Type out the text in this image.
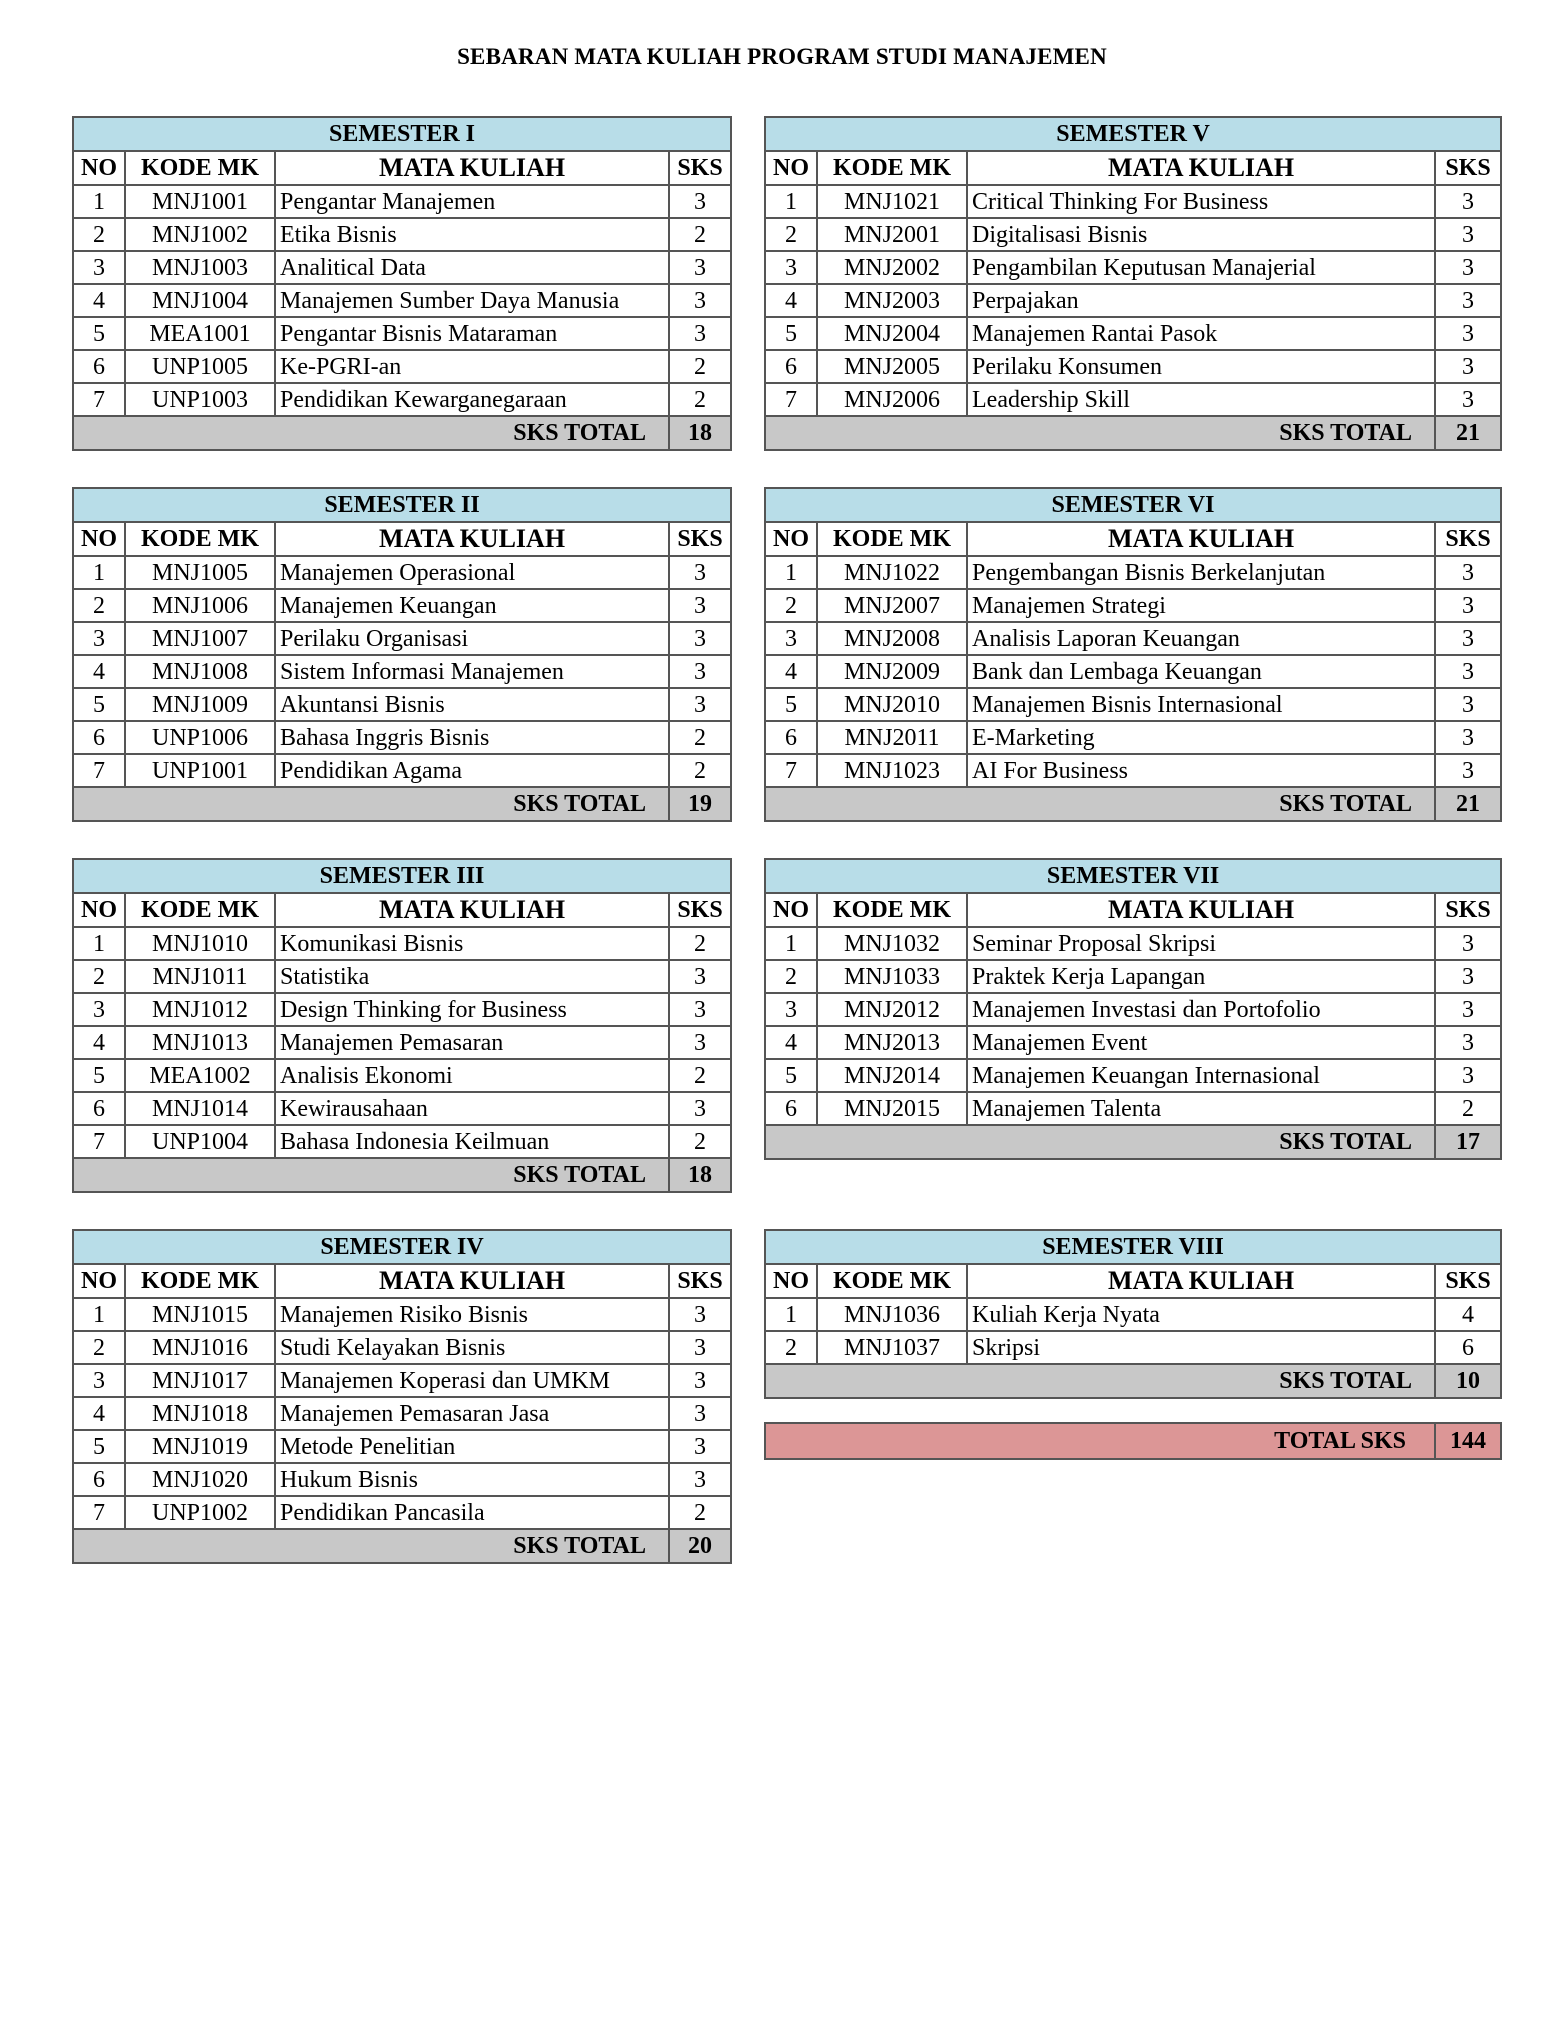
SEBARAN MATA KULIAH PROGRAM STUDI MANAJEMEN
SEMESTER I			
NO	KODE MK	MATA KULIAH	SKS
1	MNJ1001	Pengantar Manajemen	3
2	MNJ1002	Etika Bisnis	2
3	MNJ1003	Analitical Data	3
4	MNJ1004	Manajemen Sumber Daya Manusia	3
5	MEA1001	Pengantar Bisnis Mataraman	3
6	UNP1005	Ke-PGRI-an	2
7	UNP1003	Pendidikan Kewarganegaraan	2
SKS TOTAL			18
SEMESTER II			
NO	KODE MK	MATA KULIAH	SKS
1	MNJ1005	Manajemen Operasional	3
2	MNJ1006	Manajemen Keuangan	3
3	MNJ1007	Perilaku Organisasi	3
4	MNJ1008	Sistem Informasi Manajemen	3
5	MNJ1009	Akuntansi Bisnis	3
6	UNP1006	Bahasa Inggris Bisnis	2
7	UNP1001	Pendidikan Agama	2
SKS TOTAL			19
SEMESTER III			
NO	KODE MK	MATA KULIAH	SKS
1	MNJ1010	Komunikasi Bisnis	2
2	MNJ1011	Statistika	3
3	MNJ1012	Design Thinking for Business	3
4	MNJ1013	Manajemen Pemasaran	3
5	MEA1002	Analisis Ekonomi	2
6	MNJ1014	Kewirausahaan	3
7	UNP1004	Bahasa Indonesia Keilmuan	2
SKS TOTAL			18
SEMESTER IV			
NO	KODE MK	MATA KULIAH	SKS
1	MNJ1015	Manajemen Risiko Bisnis	3
2	MNJ1016	Studi Kelayakan Bisnis	3
3	MNJ1017	Manajemen Koperasi dan UMKM	3
4	MNJ1018	Manajemen Pemasaran Jasa	3
5	MNJ1019	Metode Penelitian	3
6	MNJ1020	Hukum Bisnis	3
7	UNP1002	Pendidikan Pancasila	2
SKS TOTAL			20
SEMESTER V			
NO	KODE MK	MATA KULIAH	SKS
1	MNJ1021	Critical Thinking For Business	3
2	MNJ2001	Digitalisasi Bisnis	3
3	MNJ2002	Pengambilan Keputusan Manajerial	3
4	MNJ2003	Perpajakan	3
5	MNJ2004	Manajemen Rantai Pasok	3
6	MNJ2005	Perilaku Konsumen	3
7	MNJ2006	Leadership Skill	3
SKS TOTAL			21
SEMESTER VI			
NO	KODE MK	MATA KULIAH	SKS
1	MNJ1022	Pengembangan Bisnis Berkelanjutan	3
2	MNJ2007	Manajemen Strategi	3
3	MNJ2008	Analisis Laporan Keuangan	3
4	MNJ2009	Bank dan Lembaga Keuangan	3
5	MNJ2010	Manajemen Bisnis Internasional	3
6	MNJ2011	E-Marketing	3
7	MNJ1023	AI For Business	3
SKS TOTAL			21
SEMESTER VII			
NO	KODE MK	MATA KULIAH	SKS
1	MNJ1032	Seminar Proposal Skripsi	3
2	MNJ1033	Praktek Kerja Lapangan	3
3	MNJ2012	Manajemen Investasi dan Portofolio	3
4	MNJ2013	Manajemen Event	3
5	MNJ2014	Manajemen Keuangan Internasional	3
6	MNJ2015	Manajemen Talenta	2
SKS TOTAL			17
SEMESTER VIII			
NO	KODE MK	MATA KULIAH	SKS
1	MNJ1036	Kuliah Kerja Nyata	4
2	MNJ1037	Skripsi	6
SKS TOTAL			10
TOTAL SKS	144
